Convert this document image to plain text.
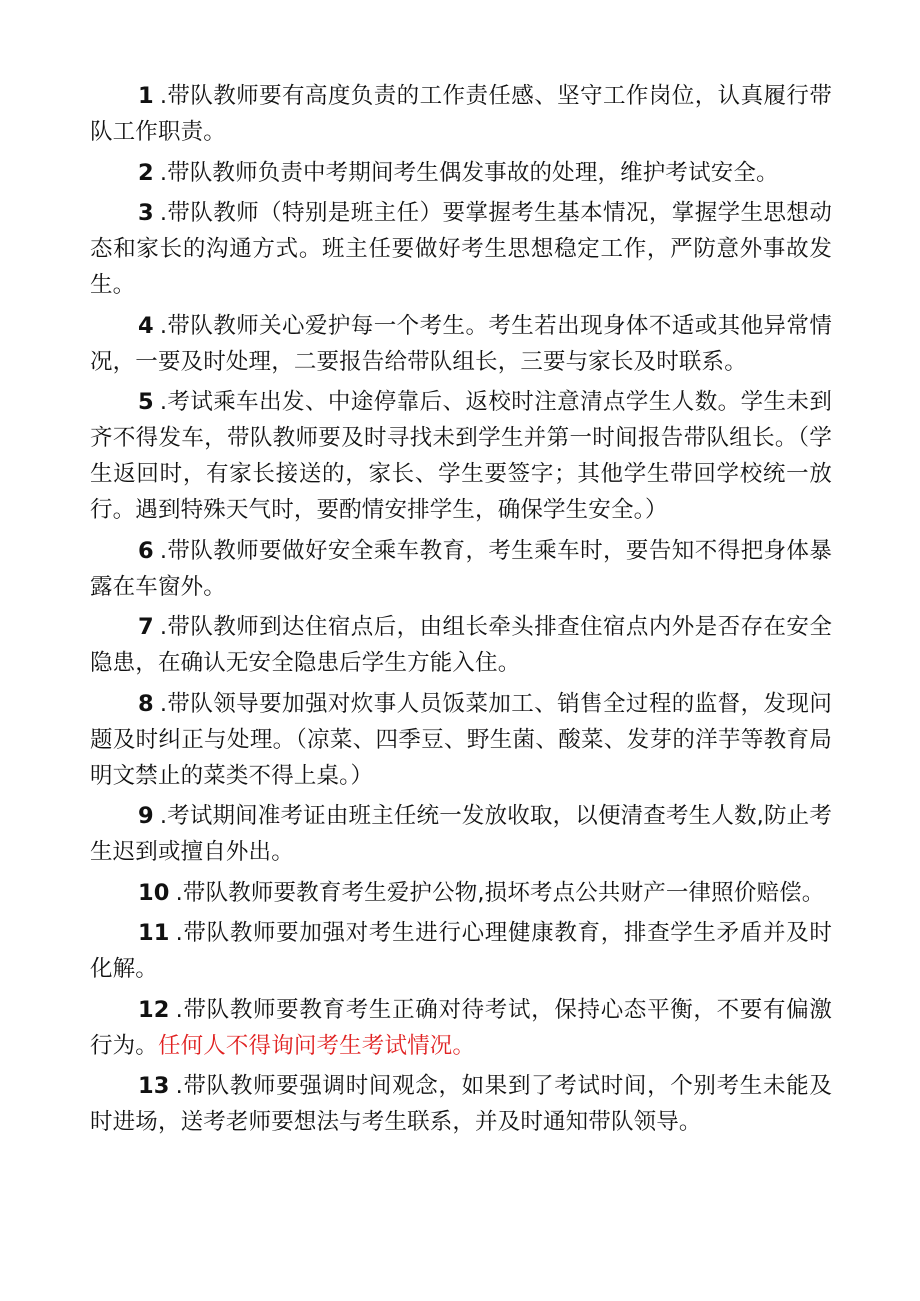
1 .带队教师要有高度负责的工作责任感、坚守工作岗位，认真履行带队工作职责。

2 .带队教师负责中考期间考生偶发事故的处理，维护考试安全。

3 .带队教师（特别是班主任）要掌握考生基本情况，掌握学生思想动态和家长的沟通方式。班主任要做好考生思想稳定工作，严防意外事故发生。

4 .带队教师关心爱护每一个考生。考生若出现身体不适或其他异常情况，一要及时处理，二要报告给带队组长，三要与家长及时联系。

5 .考试乘车出发、中途停靠后、返校时注意清点学生人数。学生未到齐不得发车，带队教师要及时寻找未到学生并第一时间报告带队组长。（学生返回时，有家长接送的，家长、学生要签字；其他学生带回学校统一放行。遇到特殊天气时，要酌情安排学生，确保学生安全。）

6 .带队教师要做好安全乘车教育，考生乘车时，要告知不得把身体暴露在车窗外。

7 .带队教师到达住宿点后，由组长牵头排查住宿点内外是否存在安全隐患，在确认无安全隐患后学生方能入住。

8 .带队领导要加强对炊事人员饭菜加工、销售全过程的监督，发现问题及时纠正与处理。（凉菜、四季豆、野生菌、酸菜、发芽的洋芋等教育局明文禁止的菜类不得上桌。）

9 .考试期间准考证由班主任统一发放收取，以便清查考生人数,防止考生迟到或擅自外出。

10 .带队教师要教育考生爱护公物,损坏考点公共财产一律照价赔偿。

11 .带队教师要加强对考生进行心理健康教育，排查学生矛盾并及时化解。

12 .带队教师要教育考生正确对待考试，保持心态平衡，不要有偏激行为。任何人不得询问考生考试情况。

13 .带队教师要强调时间观念，如果到了考试时间，个别考生未能及时进场，送考老师要想法与考生联系，并及时通知带队领导。
